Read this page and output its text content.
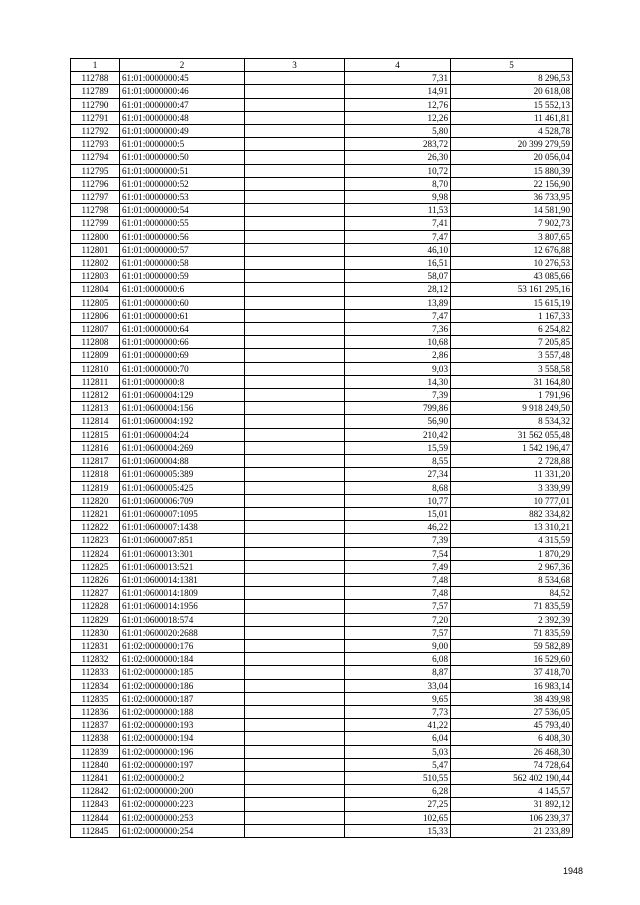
1	2	3	4	5
112788	61:01:0000000:45		7,31	8 296,53
112789	61:01:0000000:46		14,91	20 618,08
112790	61:01:0000000:47		12,76	15 552,13
112791	61:01:0000000:48		12,26	11 461,81
112792	61:01:0000000:49		5,80	4 528,78
112793	61:01:0000000:5		283,72	20 399 279,59
112794	61:01:0000000:50		26,30	20 056,04
112795	61:01:0000000:51		10,72	15 880,39
112796	61:01:0000000:52		8,70	22 156,90
112797	61:01:0000000:53		9,98	36 733,95
112798	61:01:0000000:54		11,53	14 581,90
112799	61:01:0000000:55		7,41	7 902,73
112800	61:01:0000000:56		7,47	3 807,65
112801	61:01:0000000:57		46,10	12 676,88
112802	61:01:0000000:58		16,51	10 276,53
112803	61:01:0000000:59		58,07	43 085,66
112804	61:01:0000000:6		28,12	53 161 295,16
112805	61:01:0000000:60		13,89	15 615,19
112806	61:01:0000000:61		7,47	1 167,33
112807	61:01:0000000:64		7,36	6 254,82
112808	61:01:0000000:66		10,68	7 205,85
112809	61:01:0000000:69		2,86	3 557,48
112810	61:01:0000000:70		9,03	3 558,58
112811	61:01:0000000:8		14,30	31 164,80
112812	61:01:0600004:129		7,39	1 791,96
112813	61:01:0600004:156		799,86	9 918 249,50
112814	61:01:0600004:192		56,90	8 534,32
112815	61:01:0600004:24		210,42	31 562 055,48
112816	61:01:0600004:269		15,59	1 542 196,47
112817	61:01:0600004:88		8,55	2 728,88
112818	61:01:0600005:389		27,34	11 331,20
112819	61:01:0600005:425		8,68	3 339,99
112820	61:01:0600006:709		10,77	10 777,01
112821	61:01:0600007:1095		15,01	882 334,82
112822	61:01:0600007:1438		46,22	13 310,21
112823	61:01:0600007:851		7,39	4 315,59
112824	61:01:0600013:301		7,54	1 870,29
112825	61:01:0600013:521		7,49	2 967,36
112826	61:01:0600014:1381		7,48	8 534,68
112827	61:01:0600014:1809		7,48	84,52
112828	61:01:0600014:1956		7,57	71 835,59
112829	61:01:0600018:574		7,20	2 392,39
112830	61:01:0600020:2688		7,57	71 835,59
112831	61:02:0000000:176		9,00	59 582,89
112832	61:02:0000000:184		6,08	16 529,60
112833	61:02:0000000:185		8,87	37 418,70
112834	61:02:0000000:186		33,04	16 983,14
112835	61:02:0000000:187		9,65	38 439,98
112836	61:02:0000000:188		7,73	27 536,05
112837	61:02:0000000:193		41,22	45 793,40
112838	61:02:0000000:194		6,04	6 408,30
112839	61:02:0000000:196		5,03	26 468,30
112840	61:02:0000000:197		5,47	74 728,64
112841	61:02:0000000:2		510,55	562 402 190,44
112842	61:02:0000000:200		6,28	4 145,57
112843	61:02:0000000:223		27,25	31 892,12
112844	61:02:0000000:253		102,65	106 239,37
112845	61:02:0000000:254		15,33	21 233,89
1948
